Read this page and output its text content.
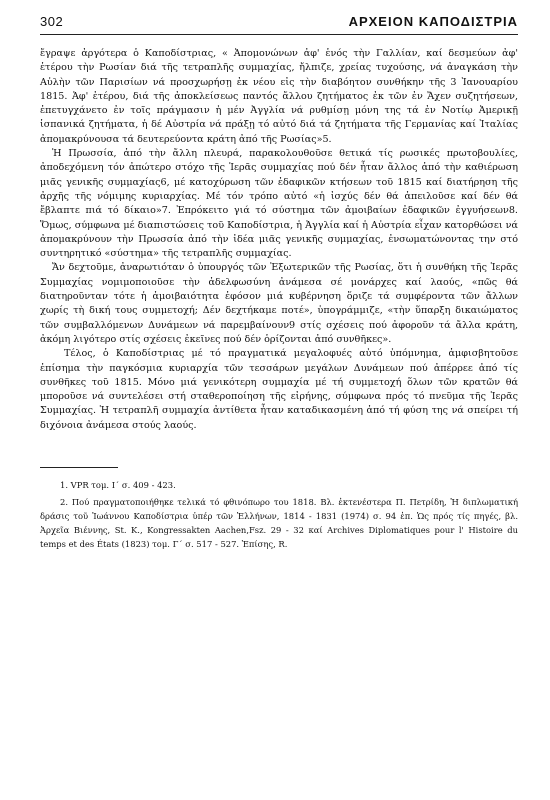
302	ΑΡΧΕΙΟΝ ΚΑΠΟΔΙΣΤΡΙΑ

ἔγραψε ἀργότερα ὁ Καποδίστριας, « Ἀπομονώνων ἀφ' ἑνός τὴν Γαλλίαν, καί δεσμεύων ἀφ' ἑτέρου τὴν Ρωσίαν διά τῆς τετραπλῆς συμμαχίας, ἤλπιζε, χρείας τυχούσης, νά ἀναγκάση τὴν Αὐλὴν τῶν Παρισίων νά προσχωρήσῃ ἐκ νέου εἰς τὴν διαβόητον συνθήκην τῆς 3 Ἰανουαρίου 1815. Ἀφ' ἑτέρου, διά τῆς ἀποκλείσεως παντός ἄλλου ζητήματος ἐκ τῶν ἐν Ἄχεν συζητήσεων, ἐπετυγχάνετο ἐν τοῖς πράγμασιν ἡ μέν Ἀγγλία νά ρυθμίσῃ μόνη της τά ἐν Νοτίῳ Ἀμερικῇ ἱσπανικά ζητήματα, ἡ δέ Αὐστρία νά πράξῃ τό αὐτό διά τά ζητήματα τῆς Γερμανίας καί Ἰταλίας ἀπομακρύνουσα τά δευτερεύοντα κράτη ἀπό τῆς Ρωσίας»5.

Ἡ Πρωσσία, ἀπό τὴν ἄλλη πλευρά, παρακολουθοῦσε θετικά τίς ρωσικές πρωτοβουλίες, ἀποδεχόμενη τόν ἀπώτερο στόχο τῆς Ἱερᾶς συμμαχίας πού δέν ἦταν ἄλλος ἀπό τὴν καθιέρωση μιᾶς γενικῆς συμμαχίας6, μέ κατοχύρωση τῶν ἐδαφικῶν κτήσεων τοῦ 1815 καί διατήρηση τῆς ἀρχῆς τῆς νόμιμης κυριαρχίας. Μέ τόν τρόπο αὐτό «ἡ ἰσχύς δέν θά ἀπειλοῦσε καί δέν θά ἔβλαπτε πιά τό δίκαιο»7. Ἐπρόκειτο γιά τό σύστημα τῶν ἀμοιβαίων ἐδαφικῶν ἐγγυήσεων8. Ὅμως, σύμφωνα μέ διαπιστώσεις τοῦ Καποδίστρια, ἡ Ἀγγλία καί ἡ Αὐστρία εἶχαν κατορθώσει νά ἀπομακρύνουν τὴν Πρωσσία ἀπό τὴν ἰδέα μιᾶς γενικῆς συμμαχίας, ἐνσωματώνοντας την στό συντηρητικό «σύστημα» τῆς τετραπλῆς συμμαχίας.

Ἄν δεχτοῦμε, ἀναρωτιόταν ὁ ὑπουργός τῶν Ἐξωτερικῶν τῆς Ρωσίας, ὅτι ἡ συνθήκη τῆς Ἱερᾶς Συμμαχίας νομιμοποιοῦσε τὴν ἀδελφωσύνη ἀνάμεσα σέ μονάρχες καί λαούς, «πῶς θά διατηροῦνταν τότε ἡ ἀμοιβαιότητα ἐφόσον μιά κυβέρνηση ὅριζε τά συμφέροντα τῶν ἄλλων χωρίς τὴ δική τους συμμετοχή; Δέν δεχτήκαμε ποτέ», ὑπογράμμιζε, «τὴν ὕπαρξη δικαιώματος τῶν συμβαλλόμενων Δυνάμεων νά παρεμβαίνουν9 στίς σχέσεις πού ἀφοροῦν τά ἄλλα κράτη, ἀκόμη λιγότερο στίς σχέσεις ἐκεῖνες πού δέν ὁρίζονται ἀπό συνθῆκες».

Τέλος, ὁ Καποδίστριας μέ τό πραγματικά μεγαλοφυές αὐτό ὑπόμνημα, ἀμφισβητοῦσε ἐπίσημα τὴν παγκόσμια κυριαρχία τῶν τεσσάρων μεγάλων Δυνάμεων πού ἀπέρρεε ἀπό τίς συνθῆκες τοῦ 1815. Μόνο μιά γενικότερη συμμαχία μέ τή συμμετοχή ὅλων τῶν κρατῶν θά μποροῦσε νά συντελέσει στή σταθεροποίηση τῆς εἰρήνης, σύμφωνα πρός τό πνεῦμα τῆς Ἱερᾶς Συμμαχίας. Ἡ τετραπλῆ συμμαχία ἀντίθετα ἦταν καταδικασμένη ἀπό τή φύση της νά σπείρει τή διχόνοια ἀνάμεσα στούς λαούς.

1. VPR τομ. Ι΄ σ. 409 - 423.

2. Πού πραγματοποιήθηκε τελικά τό φθινόπωρο του 1818. Βλ. ἐκτενέστερα Π. Πετρίδη, Ἡ διπλωματική δράσις τοῦ Ἰωάννου Καποδίστρια ὑπέρ τῶν Ἑλλήνων, 1814 - 1831 (1974) σ. 94 ἑπ. Ὡς πρός τίς πηγές, βλ. Ἀρχεῖα Βιέννης, St. K., Kongressakten Aachen,Fsz. 29 - 32 καί Archives Diplomatiques pour l' Histoire du temps et des États (1823) τομ. Γ΄ σ. 517 - 527. Ἐπίσης, R.
